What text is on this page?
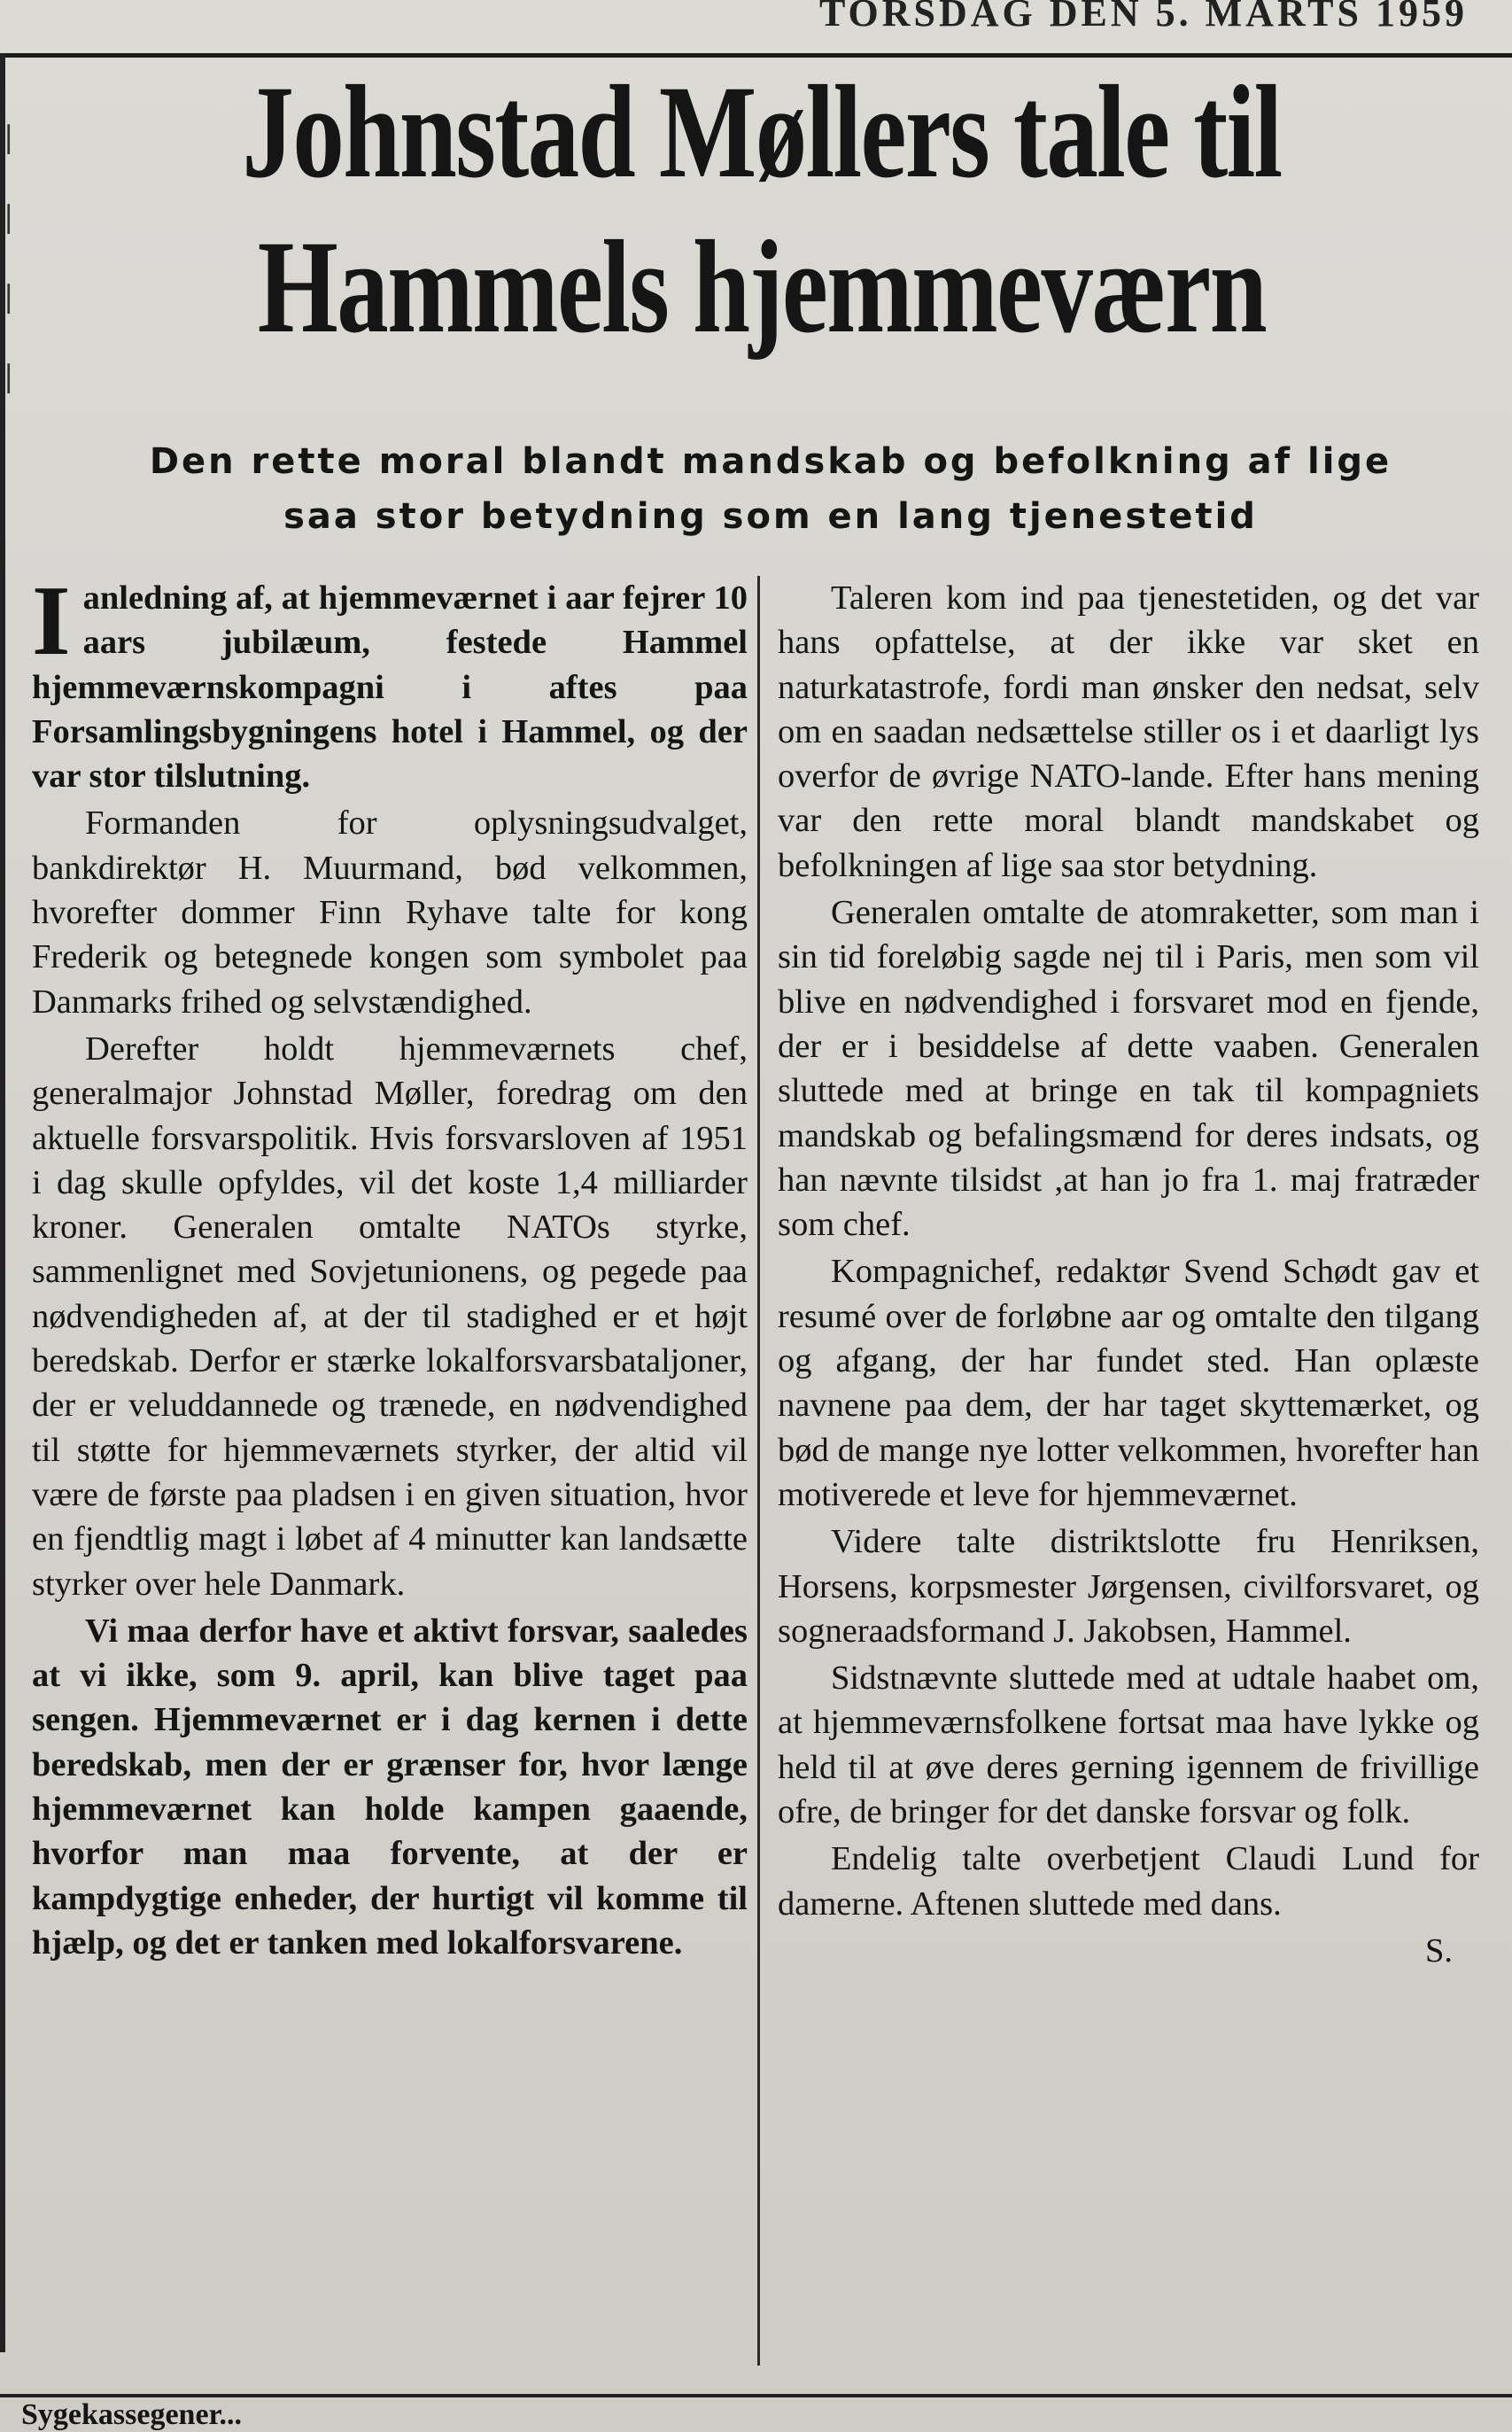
TORSDAG DEN 5. MARTS 1959
|
|
|
|
Johnstad Møllers tale til
Hammels hjemmeværn
Den rette moral blandt mandskab og befolkning af lige
saa stor betydning som en lang tjenestetid

Ianledning af, at hjemmeværnet i aar fejrer 10 aars jubilæum, festede Hammel hjemmeværnskompagni i aftes paa Forsamlingsbygningens hotel i Hammel, og der var stor tilslutning.

Formanden for oplysningsudvalget, bankdirektør H. Muurmand, bød velkommen, hvorefter dommer Finn Ryhave talte for kong Frederik og betegnede kongen som symbolet paa Danmarks frihed og selvstændighed.

Derefter holdt hjemmeværnets chef, generalmajor Johnstad Møller, foredrag om den aktuelle forsvarspolitik. Hvis forsvarsloven af 1951 i dag skulle opfyldes, vil det koste 1,4 milliarder kroner. Generalen omtalte NATOs styrke, sammenlignet med Sovjetunionens, og pegede paa nødvendigheden af, at der til stadighed er et højt beredskab. Derfor er stærke lokalforsvarsbataljoner, der er veluddannede og trænede, en nødvendighed til støtte for hjemmeværnets styrker, der altid vil være de første paa pladsen i en given situation, hvor en fjendtlig magt i løbet af 4 minutter kan landsætte styrker over hele Danmark.

Vi maa derfor have et aktivt forsvar, saaledes at vi ikke, som 9. april, kan blive taget paa sengen. Hjemmeværnet er i dag kernen i dette beredskab, men der er grænser for, hvor længe hjemmeværnet kan holde kampen gaaende, hvorfor man maa forvente, at der er kampdygtige enheder, der hurtigt vil komme til hjælp, og det er tanken med lokalforsvarene.

Taleren kom ind paa tjenestetiden, og det var hans opfattelse, at der ikke var sket en naturkatastrofe, fordi man ønsker den nedsat, selv om en saadan nedsættelse stiller os i et daarligt lys overfor de øvrige NATO-lande. Efter hans mening var den rette moral blandt mandskabet og befolkningen af lige saa stor betydning.

Generalen omtalte de atomraketter, som man i sin tid foreløbig sagde nej til i Paris, men som vil blive en nødvendighed i forsvaret mod en fjende, der er i besiddelse af dette vaaben. Generalen sluttede med at bringe en tak til kompagniets mandskab og befalingsmænd for deres indsats, og han nævnte tilsidst ,at han jo fra 1. maj fratræder som chef.

Kompagnichef, redaktør Svend Schødt gav et resumé over de forløbne aar og omtalte den tilgang og afgang, der har fundet sted. Han oplæste navnene paa dem, der har taget skyttemærket, og bød de mange nye lotter velkommen, hvorefter han motiverede et leve for hjemmeværnet.

Videre talte distriktslotte fru Henriksen, Horsens, korpsmester Jørgensen, civilforsvaret, og sogneraadsformand J. Jakobsen, Hammel.

Sidstnævnte sluttede med at udtale haabet om, at hjemmeværnsfolkene fortsat maa have lykke og held til at øve deres gerning igennem de frivillige ofre, de bringer for det danske forsvar og folk.

Endelig talte overbetjent Claudi Lund for damerne. Aftenen sluttede med dans.

S.

Sygekassegener...
